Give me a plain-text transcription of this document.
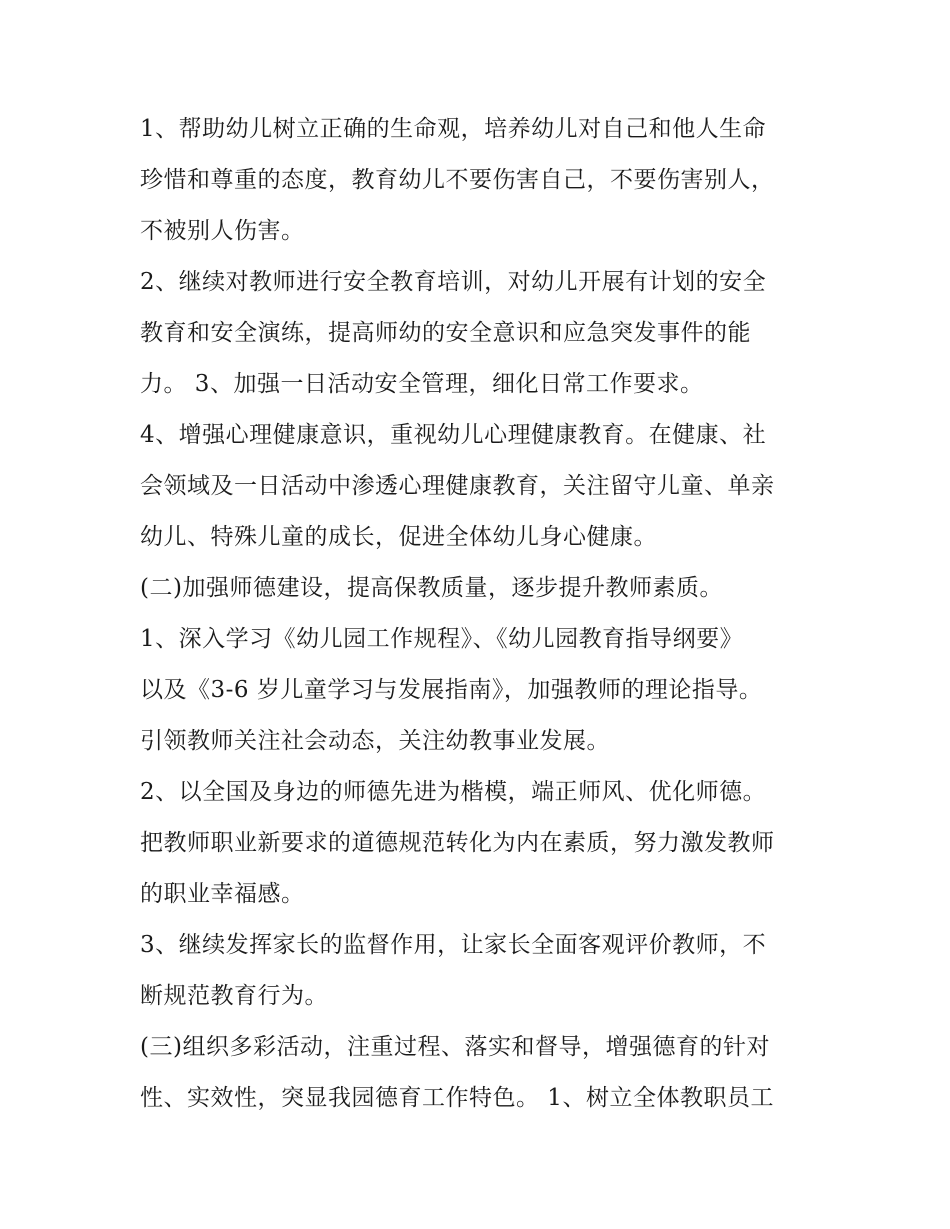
1、帮助幼儿树立正确的生命观，培养幼儿对自己和他人生命
珍惜和尊重的态度，教育幼儿不要伤害自己，不要伤害别人，
不被别人伤害。
2、继续对教师进行安全教育培训，对幼儿开展有计划的安全
教育和安全演练，提高师幼的安全意识和应急突发事件的能
力。 3、加强一日活动安全管理，细化日常工作要求。
4、增强心理健康意识，重视幼儿心理健康教育。在健康、社
会领域及一日活动中渗透心理健康教育，关注留守儿童、单亲
幼儿、特殊儿童的成长，促进全体幼儿身心健康。
(二)加强师德建设，提高保教质量，逐步提升教师素质。
1、深入学习《幼儿园工作规程》、《幼儿园教育指导纲要》
以及《3-6 岁儿童学习与发展指南》，加强教师的理论指导。
引领教师关注社会动态，关注幼教事业发展。
2、以全国及身边的师德先进为楷模，端正师风、优化师德。
把教师职业新要求的道德规范转化为内在素质，努力激发教师
的职业幸福感。
3、继续发挥家长的监督作用，让家长全面客观评价教师，不
断规范教育行为。
(三)组织多彩活动，注重过程、落实和督导，增强德育的针对
性、实效性，突显我园德育工作特色。 1、树立全体教职员工
